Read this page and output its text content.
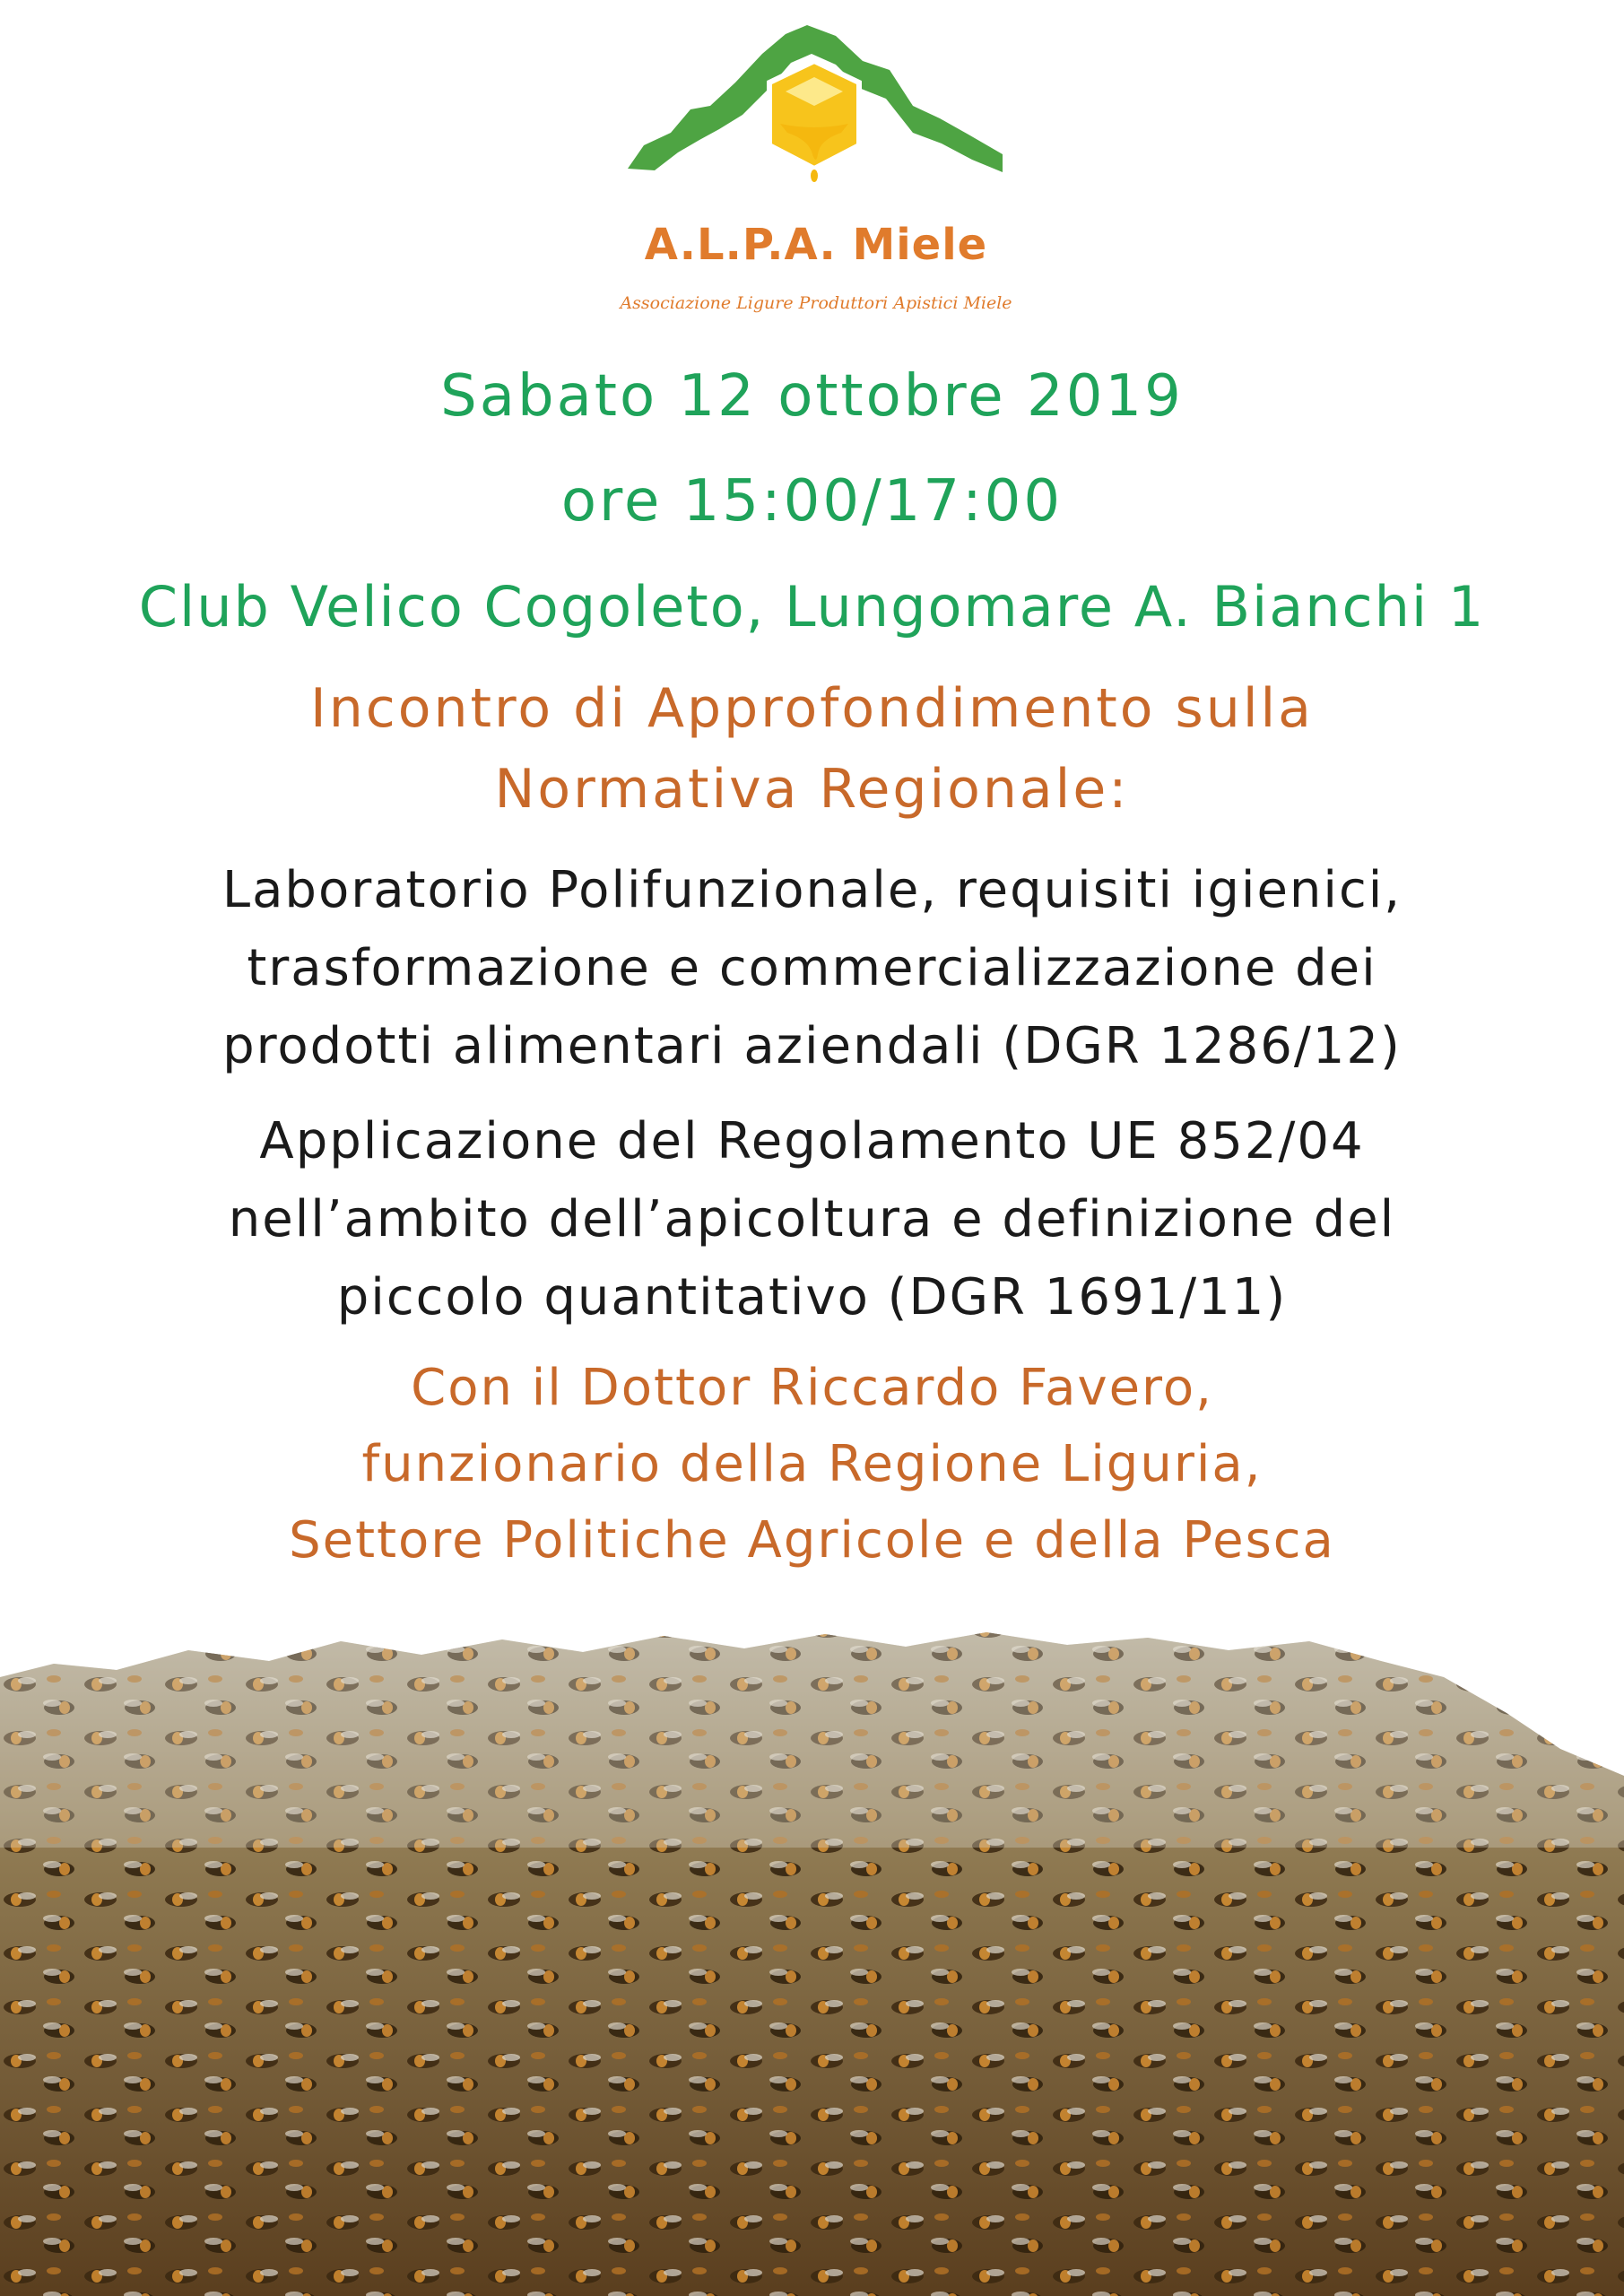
A.L.P.A. Miele
Associazione Ligure Produttori Apistici Miele
Sabato 12 ottobre 2019
ore 15:00/17:00
Club Velico Cogoleto, Lungomare A. Bianchi 1
Incontro di Approfondimento sulla
Normativa Regionale:
Laboratorio Polifunzionale, requisiti igienici,
trasformazione e commercializzazione dei
prodotti alimentari aziendali (DGR 1286/12)
Applicazione del Regolamento UE 852/04
nell’ambito dell’apicoltura e definizione del
piccolo quantitativo (DGR 1691/11)
Con il Dottor Riccardo Favero,
funzionario della Regione Liguria,
Settore Politiche Agricole e della Pesca
